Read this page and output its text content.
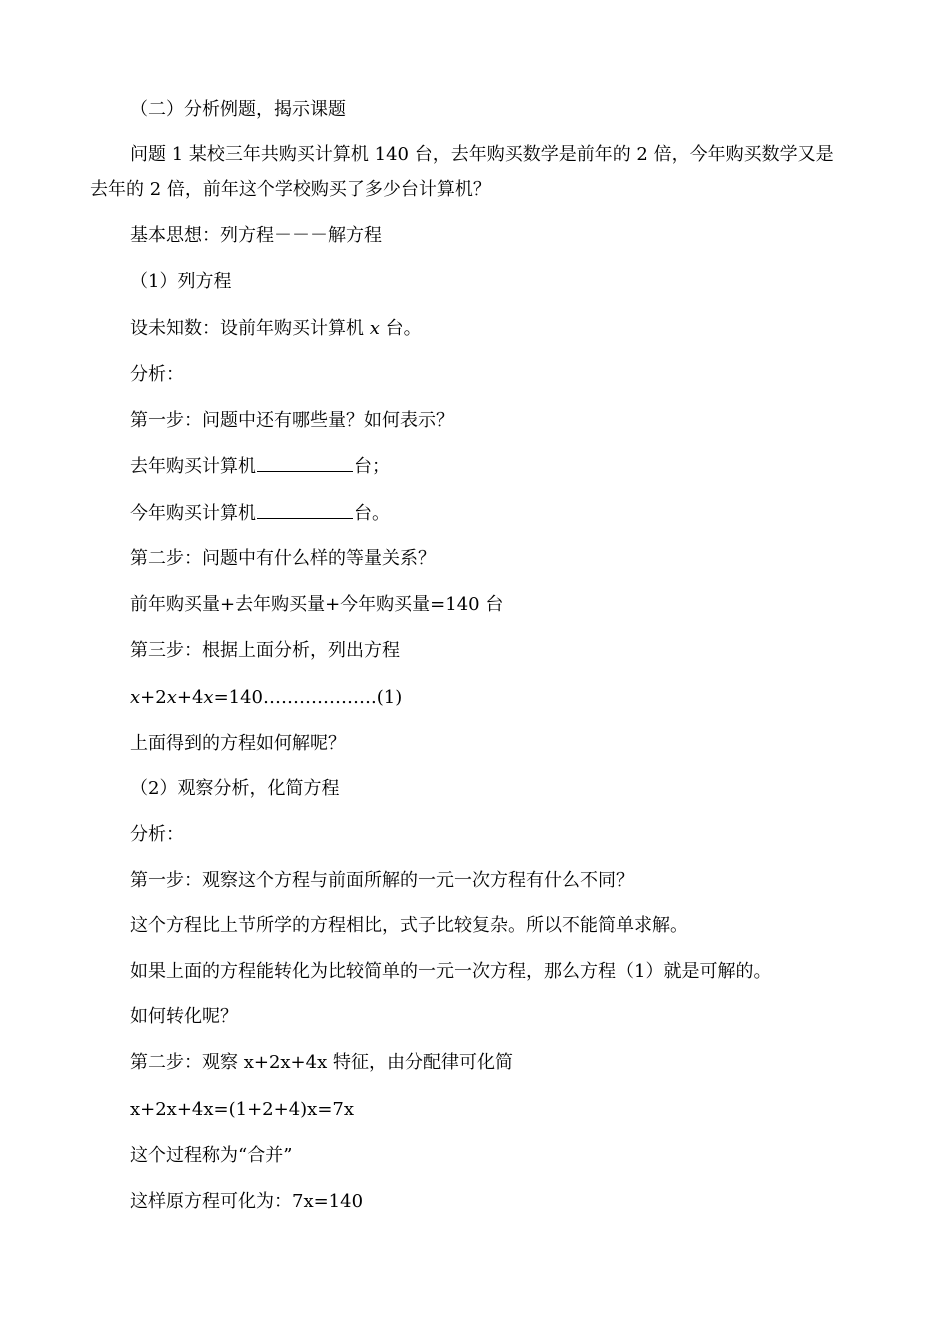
（二）分析例题，揭示课题
问题 1 某校三年共购买计算机 140 台，去年购买数学是前年的 2 倍，今年购买数学又是
去年的 2 倍，前年这个学校购买了多少台计算机？
基本思想：列方程－－－解方程
（1）列方程
设未知数：设前年购买计算机 x 台。
分析：
第一步：问题中还有哪些量？如何表示？
去年购买计算机	台；
今年购买计算机	台。
第二步：问题中有什么样的等量关系？
前年购买量+去年购买量+今年购买量=140 台
第三步：根据上面分析，列出方程
x+2x+4x=140……………….(1)
上面得到的方程如何解呢？
（2）观察分析，化简方程
分析：
第一步：观察这个方程与前面所解的一元一次方程有什么不同？
这个方程比上节所学的方程相比，式子比较复杂。所以不能简单求解。
如果上面的方程能转化为比较简单的一元一次方程，那么方程（1）就是可解的。
如何转化呢？
第二步：观察 x+2x+4x 特征，由分配律可化简
x+2x+4x=(1+2+4)x=7x
这个过程称为“合并”
这样原方程可化为：7x=140
